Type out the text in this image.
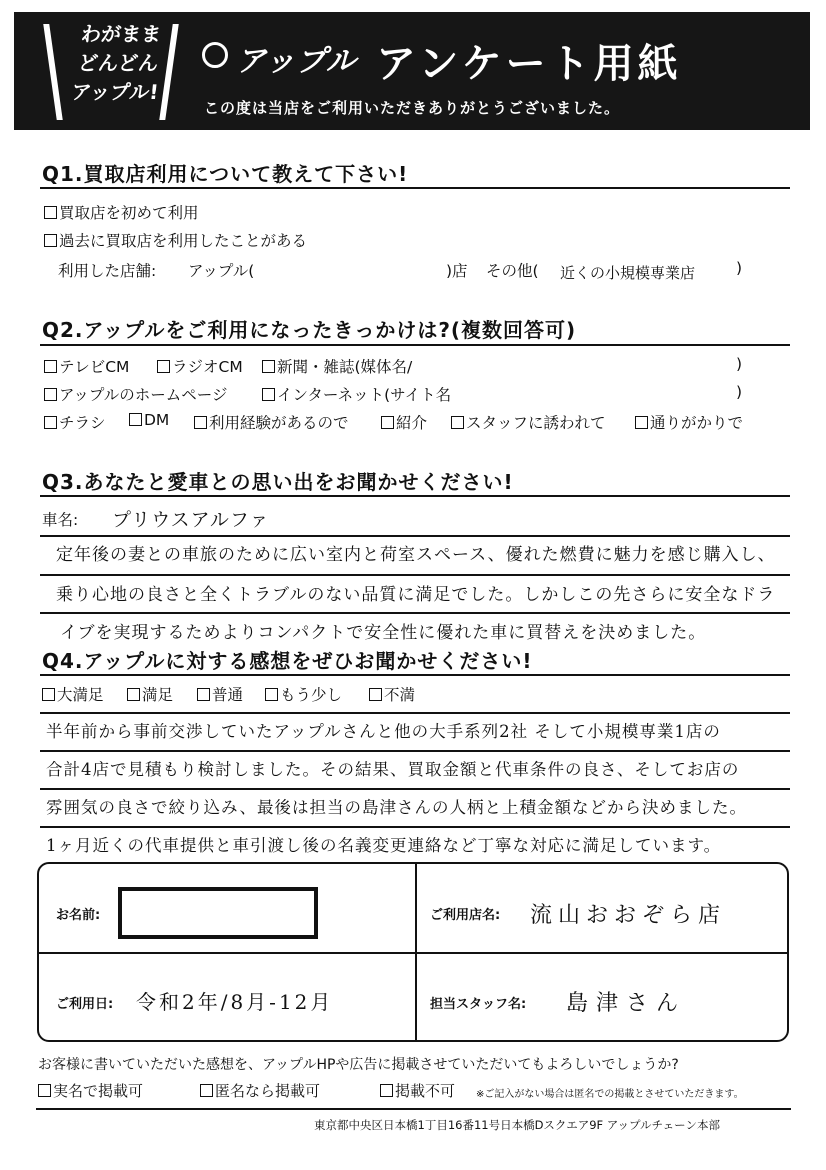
わがまま
どんどん
アップル!
アップル アンケート用紙
この度は当店をご利用いただきありがとうございました。
Q1.買取店利用について教えて下さい!
買取店を初めて利用
過去に買取店を利用したことがある
利用した店舗: アップル(	)店 その他( 近くの小規模専業店	)
Q2.アップルをご利用になったきっかけは?(複数回答可)
テレビCM	ラジオCM	新聞・雑誌(媒体名/	)
アップルのホームページ	インターネット(サイト名	)
チラシ	DM	利用経験があるので	紹介	スタッフに誘われて	通りがかりで
Q3.あなたと愛車との思い出をお聞かせください!
車名: プリウスアルファ
定年後の妻との車旅のために広い室内と荷室スペース、優れた燃費に魅力を感じ購入し、
乗り心地の良さと全くトラブルのない品質に満足でした。しかしこの先さらに安全なドラ
イブを実現するためよりコンパクトで安全性に優れた車に買替えを決めました。
Q4.アップルに対する感想をぜひお聞かせください!
大満足	満足	普通	もう少し	不満
半年前から事前交渉していたアップルさんと他の大手系列2社 そして小規模専業1店の
合計4店で見積もり検討しました。その結果、買取金額と代車条件の良さ、そしてお店の
雰囲気の良さで絞り込み、最後は担当の島津さんの人柄と上積金額などから決めました。
1ヶ月近くの代車提供と車引渡し後の名義変更連絡など丁寧な対応に満足しています。
お名前:	ご利用店名: 流山おおぞら店
ご利用日: 令和2年/8月-12月	担当スタッフ名: 島津さん
お客様に書いていただいた感想を、アップルHPや広告に掲載させていただいてもよろしいでしょうか?
実名で掲載可	匿名なら掲載可	掲載不可 ※ご記入がない場合は匿名での掲載とさせていただきます。
東京都中央区日本橋1丁目16番11号日本橋Dスクエア9F アップルチェーン本部
